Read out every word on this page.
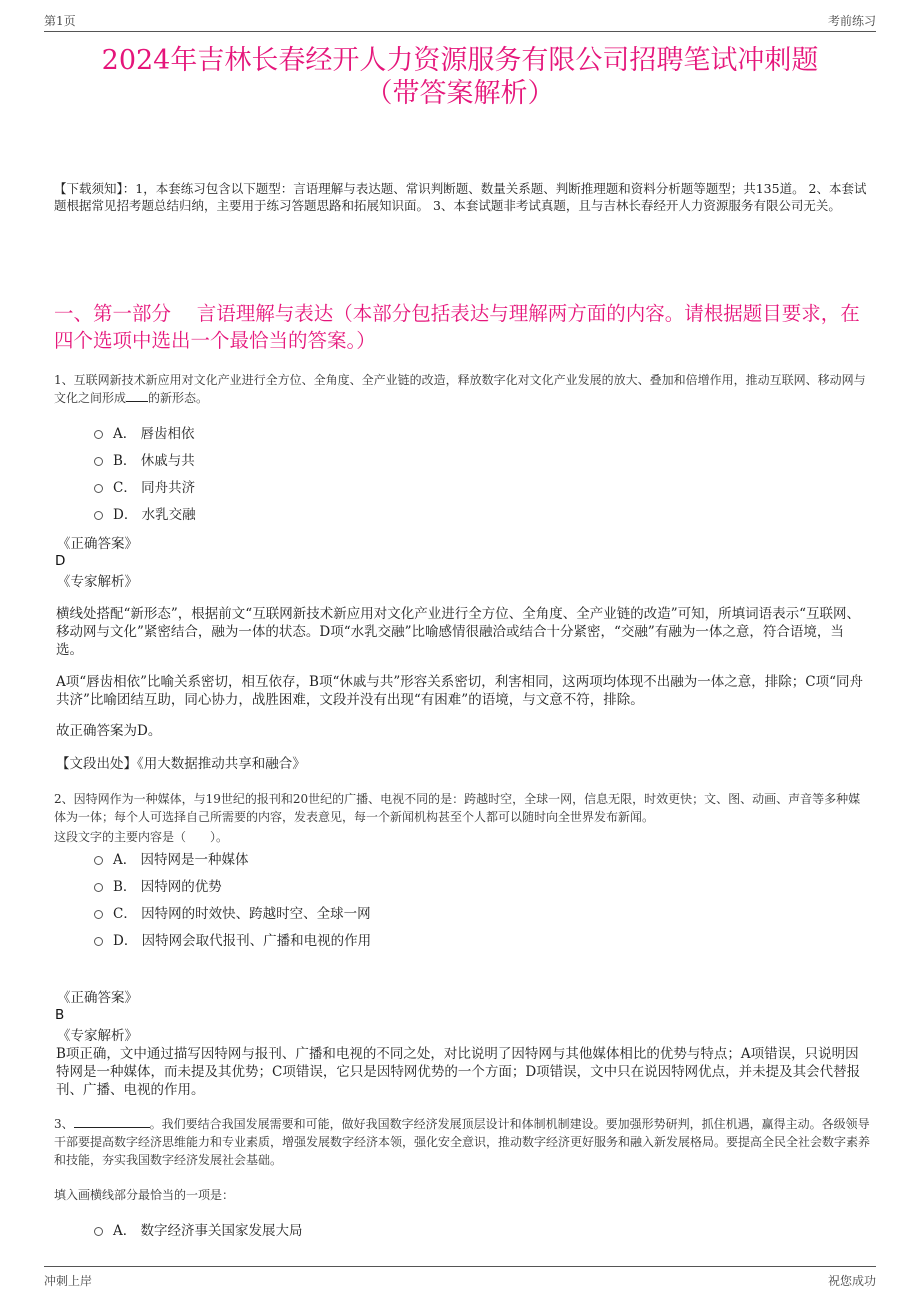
第1页	考前练习
2024年吉林长春经开人力资源服务有限公司招聘笔试冲刺题
（带答案解析）
【下载须知】：1，本套练习包含以下题型：言语理解与表达题、常识判断题、数量关系题、判断推理题和资料分析题等题型；共135道。 2、本套试题根据常见招考题总结归纳，主要用于练习答题思路和拓展知识面。 3、本套试题非考试真题，且与吉林长春经开人力资源服务有限公司无关。
一、第一部分　 言语理解与表达（本部分包括表达与理解两方面的内容。请根据题目要求，在四个选项中选出一个最恰当的答案。）
1、互联网新技术新应用对文化产业进行全方位、全角度、全产业链的改造，释放数字化对文化产业发展的放大、叠加和倍增作用，推动互联网、移动网与文化之间形成 的新形态。
A． 唇齿相依
B． 休戚与共
C． 同舟共济
D． 水乳交融
《正确答案》
D
《专家解析》
横线处搭配“新形态”，根据前文“互联网新技术新应用对文化产业进行全方位、全角度、全产业链的改造”可知，所填词语表示“互联网、移动网与文化”紧密结合，融为一体的状态。D项“水乳交融”比喻感情很融洽或结合十分紧密，“交融”有融为一体之意，符合语境，当选。
A项“唇齿相依”比喻关系密切，相互依存，B项“休戚与共”形容关系密切，利害相同，这两项均体现不出融为一体之意，排除；C项“同舟共济”比喻团结互助，同心协力，战胜困难，文段并没有出现“有困难”的语境，与文意不符，排除。
故正确答案为D。
【文段出处】《用大数据推动共享和融合》
2、因特网作为一种媒体，与19世纪的报刊和20世纪的广播、电视不同的是：跨越时空，全球一网，信息无限，时效更快；文、图、动画、声音等多种媒体为一体；每个人可选择自己所需要的内容，发表意见，每一个新闻机构甚至个人都可以随时向全世界发布新闻。
这段文字的主要内容是（　　）。
A． 因特网是一种媒体
B． 因特网的优势
C． 因特网的时效快、跨越时空、全球一网
D． 因特网会取代报刊、广播和电视的作用
《正确答案》
B
《专家解析》
B项正确，文中通过描写因特网与报刊、广播和电视的不同之处，对比说明了因特网与其他媒体相比的优势与特点；A项错误，只说明因特网是一种媒体，而未提及其优势；C项错误，它只是因特网优势的一个方面；D项错误，文中只在说因特网优点，并未提及其会代替报刊、广播、电视的作用。
3、	。我们要结合我国发展需要和可能，做好我国数字经济发展顶层设计和体制机制建设。要加强形势研判，抓住机遇，赢得主动。各级领导干部要提高数字经济思维能力和专业素质，增强发展数字经济本领，强化安全意识，推动数字经济更好服务和融入新发展格局。要提高全民全社会数字素养和技能，夯实我国数字经济发展社会基础。
填入画横线部分最恰当的一项是：
A． 数字经济事关国家发展大局
冲刺上岸	祝您成功
